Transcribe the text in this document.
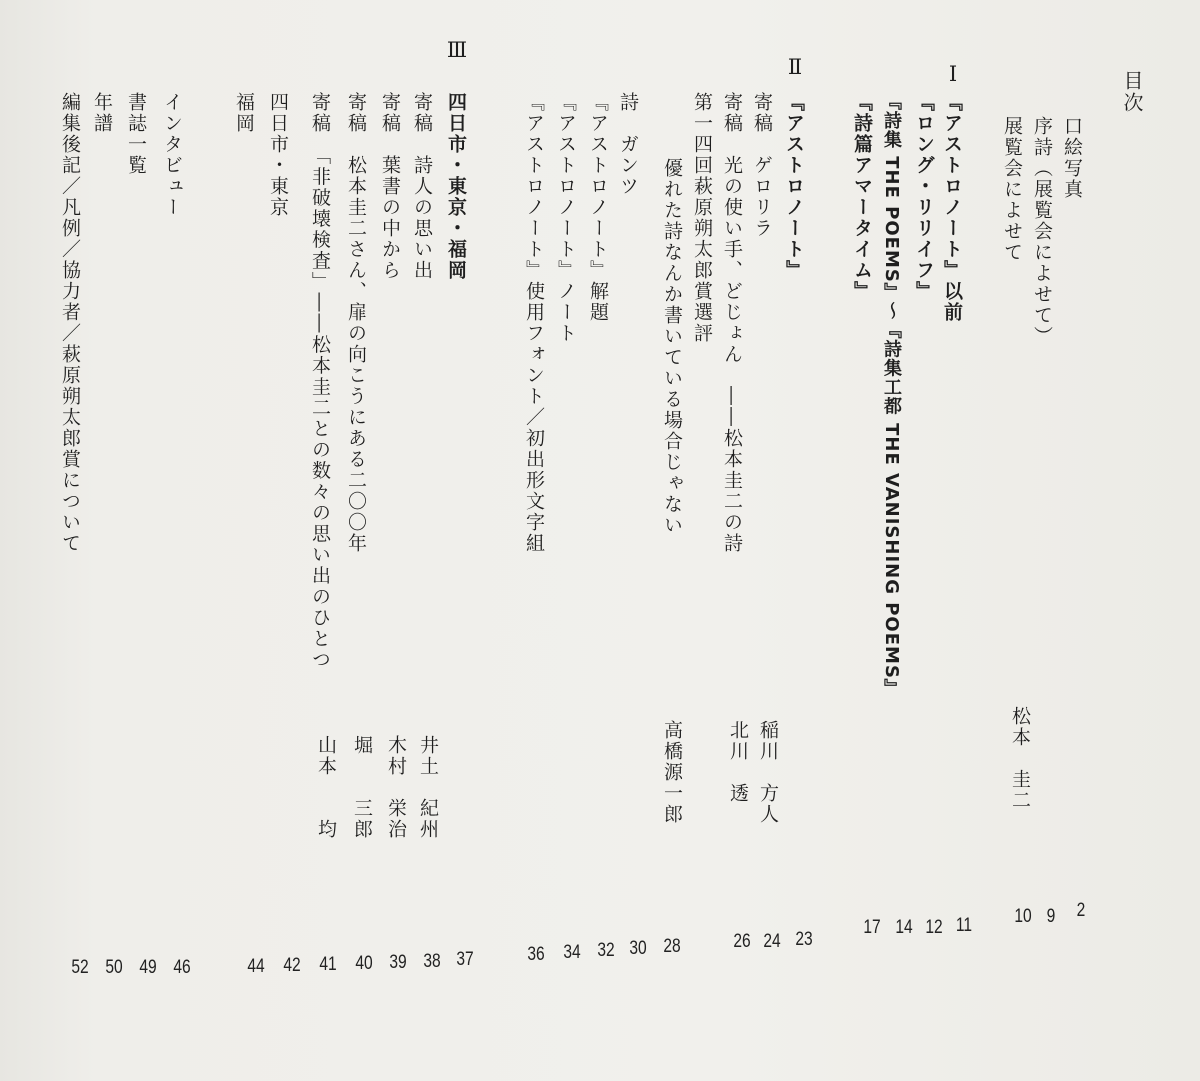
目次
口絵写真
序詩（展覧会によせて）
展覧会によせて
松本　圭二
Ⅰ
『アストロノート』以前
『ロング・リリイフ』
『詩集 THE POEMS』〜『詩集工都 THE VANISHING POEMS』
『詩篇アマータイム』
Ⅱ
『アストロノート』
寄稿　ゲロリラ
稲川　方人
寄稿　光の使い手、どじょん　――松本圭二の詩
北川　透
第一四回萩原朔太郎賞選評
優れた詩なんか書いている場合じゃない
高橋源一郎
詩　ガンツ
『アストロノート』解題
『アストロノート』ノート
『アストロノート』使用フォント／初出形文字組
Ⅲ
四日市・東京・福岡
寄稿　詩人の思い出
井土　紀州
寄稿　葉書の中から
木村　栄治
寄稿　松本圭二さん、扉の向こうにある二〇〇年
堀　　三郎
寄稿　「非破壊検査」――松本圭二との数々の思い出のひとつ
山本　　均
四日市・東京
福岡
インタビュー
書誌一覧
年譜
編集後記／凡例／協力者／萩原朔太郎賞について
2
9
10
11
12
14
17
23
24
26
28
30
32
34
36
37
38
39
40
41
42
44
46
49
50
52
